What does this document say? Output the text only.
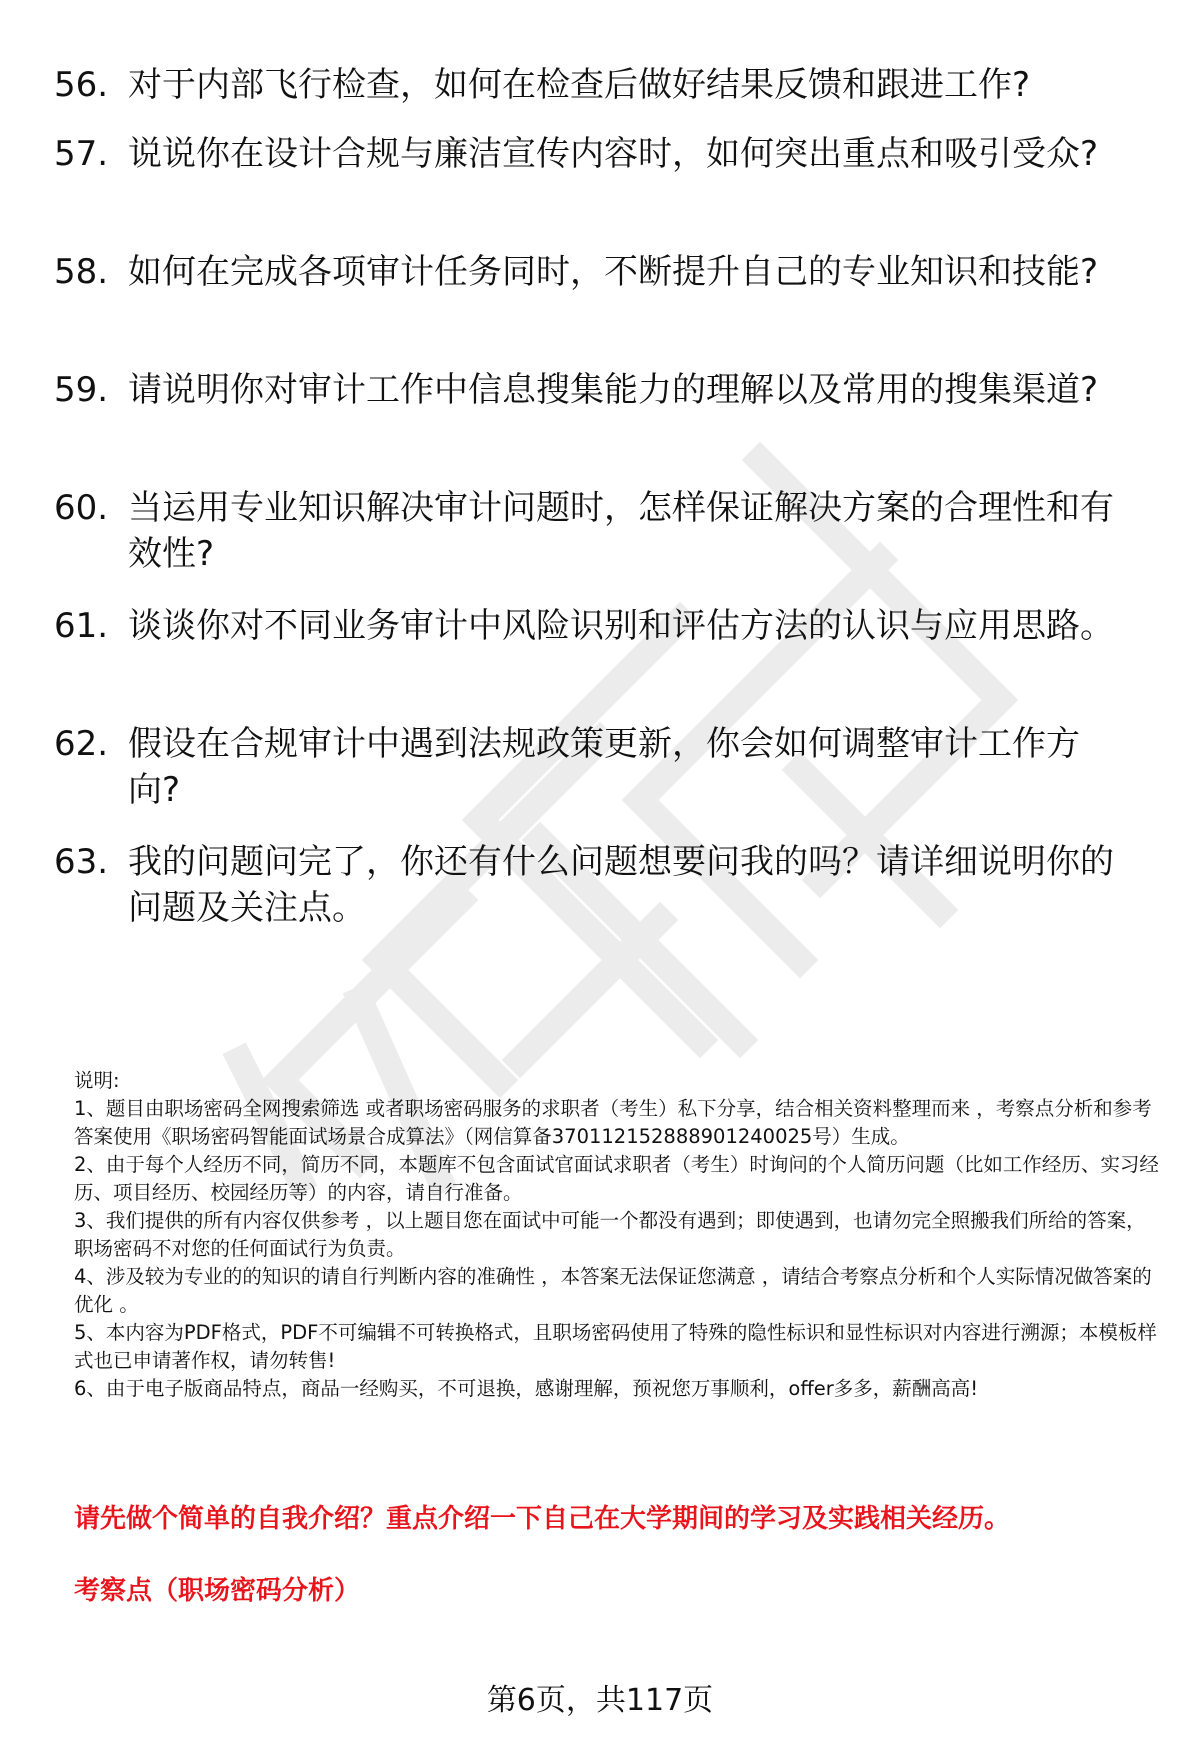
56. 对于内部飞行检查，如何在检查后做好结果反馈和跟进工作?
57. 说说你在设计合规与廉洁宣传内容时，如何突出重点和吸引受众?
58. 如何在完成各项审计任务同时，不断提升自己的专业知识和技能?
59. 请说明你对审计工作中信息搜集能力的理解以及常用的搜集渠道?
60. 当运用专业知识解决审计问题时，怎样保证解决方案的合理性和有效性?
61. 谈谈你对不同业务审计中风险识别和评估方法的认识与应用思路。
62. 假设在合规审计中遇到法规政策更新，你会如何调整审计工作方向?
63. 我的问题问完了，你还有什么问题想要问我的吗？请详细说明你的问题及关注点。

说明:

1、题目由职场密码全网搜索筛选 或者职场密码服务的求职者（考生）私下分享，结合相关资料整理而来 ，考察点分析和参考答案使用《职场密码智能面试场景合成算法》（网信算备370112152888901240025号）生成。

2、由于每个人经历不同，简历不同，本题库不包含面试官面试求职者（考生）时询问的个人简历问题（比如工作经历、实习经历、项目经历、校园经历等）的内容，请自行准备。

3、我们提供的所有内容仅供参考 ，以上题目您在面试中可能一个都没有遇到；即使遇到，也请勿完全照搬我们所给的答案，职场密码不对您的任何面试行为负责。

4、涉及较为专业的的知识的请自行判断内容的准确性 ，本答案无法保证您满意 ，请结合考察点分析和个人实际情况做答案的优化 。

5、本内容为PDF格式，PDF不可编辑不可转换格式，且职场密码使用了特殊的隐性标识和显性标识对内容进行溯源；本模板样式也已申请著作权，请勿转售!

6、由于电子版商品特点，商品一经购买，不可退换，感谢理解，预祝您万事顺利，offer多多，薪酬高高!

请先做个简单的自我介绍？重点介绍一下自己在大学期间的学习及实践相关经历。
考察点（职场密码分析）
第6页，共117页
